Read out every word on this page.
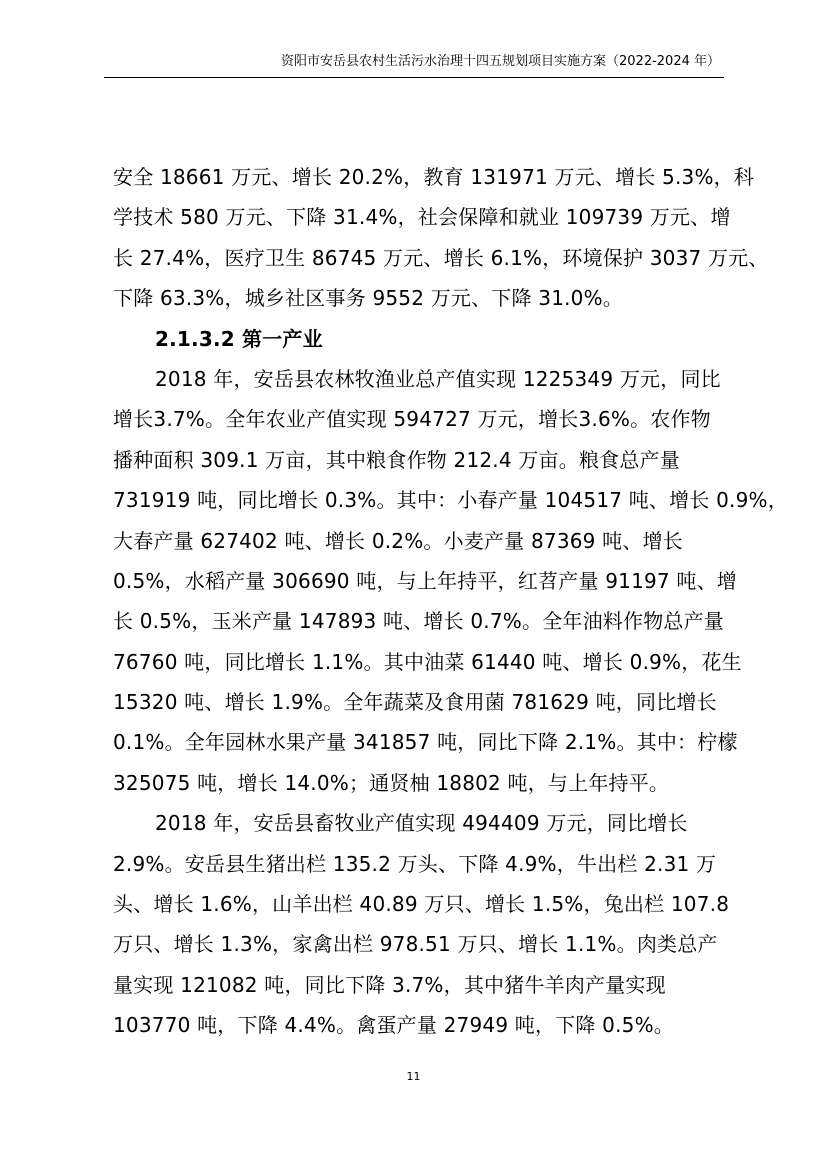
资阳市安岳县农村生活污水治理十四五规划项目实施方案（2022-2024 年）
安全 18661 万元、增长 20.2%，教育 131971 万元、增长 5.3%，科
学技术 580 万元、下降 31.4%，社会保障和就业 109739 万元、增
长 27.4%，医疗卫生 86745 万元、增长 6.1%，环境保护 3037 万元、
下降 63.3%，城乡社区事务 9552 万元、下降 31.0%。
2.1.3.2 第一产业
2018 年，安岳县农林牧渔业总产值实现 1225349 万元，同比
增长3.7%。全年农业产值实现 594727 万元，增长3.6%。农作物
播种面积 309.1 万亩，其中粮食作物 212.4 万亩。粮食总产量
731919 吨，同比增长 0.3%。其中：小春产量 104517 吨、增长 0.9%，
大春产量 627402 吨、增长 0.2%。小麦产量 87369 吨、增长
0.5%，水稻产量 306690 吨，与上年持平，红苕产量 91197 吨、增
长 0.5%，玉米产量 147893 吨、增长 0.7%。全年油料作物总产量
76760 吨，同比增长 1.1%。其中油菜 61440 吨、增长 0.9%，花生
15320 吨、增长 1.9%。全年蔬菜及食用菌 781629 吨，同比增长
0.1%。全年园林水果产量 341857 吨，同比下降 2.1%。其中：柠檬
325075 吨，增长 14.0%；通贤柚 18802 吨，与上年持平。
2018 年，安岳县畜牧业产值实现 494409 万元，同比增长
2.9%。安岳县生猪出栏 135.2 万头、下降 4.9%，牛出栏 2.31 万
头、增长 1.6%，山羊出栏 40.89 万只、增长 1.5%，兔出栏 107.8
万只、增长 1.3%，家禽出栏 978.51 万只、增长 1.1%。肉类总产
量实现 121082 吨，同比下降 3.7%，其中猪牛羊肉产量实现
103770 吨，下降 4.4%。禽蛋产量 27949 吨，下降 0.5%。
11
